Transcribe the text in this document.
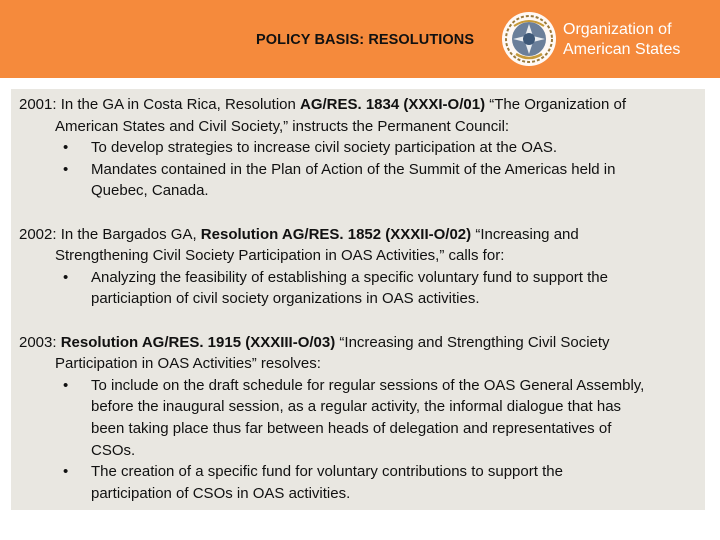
POLICY BASIS: RESOLUTIONS
Organization of
American States
2001: In the GA in Costa Rica, Resolution AG/RES. 1834 (XXXI-O/01) “The Organization of
American States and Civil Society,” instructs the Permanent Council:
• To develop strategies to increase civil society participation at the OAS.
• Mandates contained in the Plan of Action of the Summit of the Americas held in
Quebec, Canada.
2002: In the Bargados GA, Resolution AG/RES. 1852 (XXXII-O/02) “Increasing and
Strengthening Civil Society Participation in OAS Activities,” calls for:
• Analyzing the feasibility of establishing a specific voluntary fund to support the
particiaption of civil society organizations in OAS activities.
2003: Resolution AG/RES. 1915 (XXXIII-O/03) “Increasing and Strengthing Civil Society
Participation in OAS Activities” resolves:
• To include on the draft schedule for regular sessions of the OAS General Assembly,
before the inaugural session, as a regular activity, the informal dialogue that has
been taking place thus far between heads of delegation and representatives of
CSOs.
• The creation of a specific fund for voluntary contributions to support the
participation of CSOs in OAS activities.
